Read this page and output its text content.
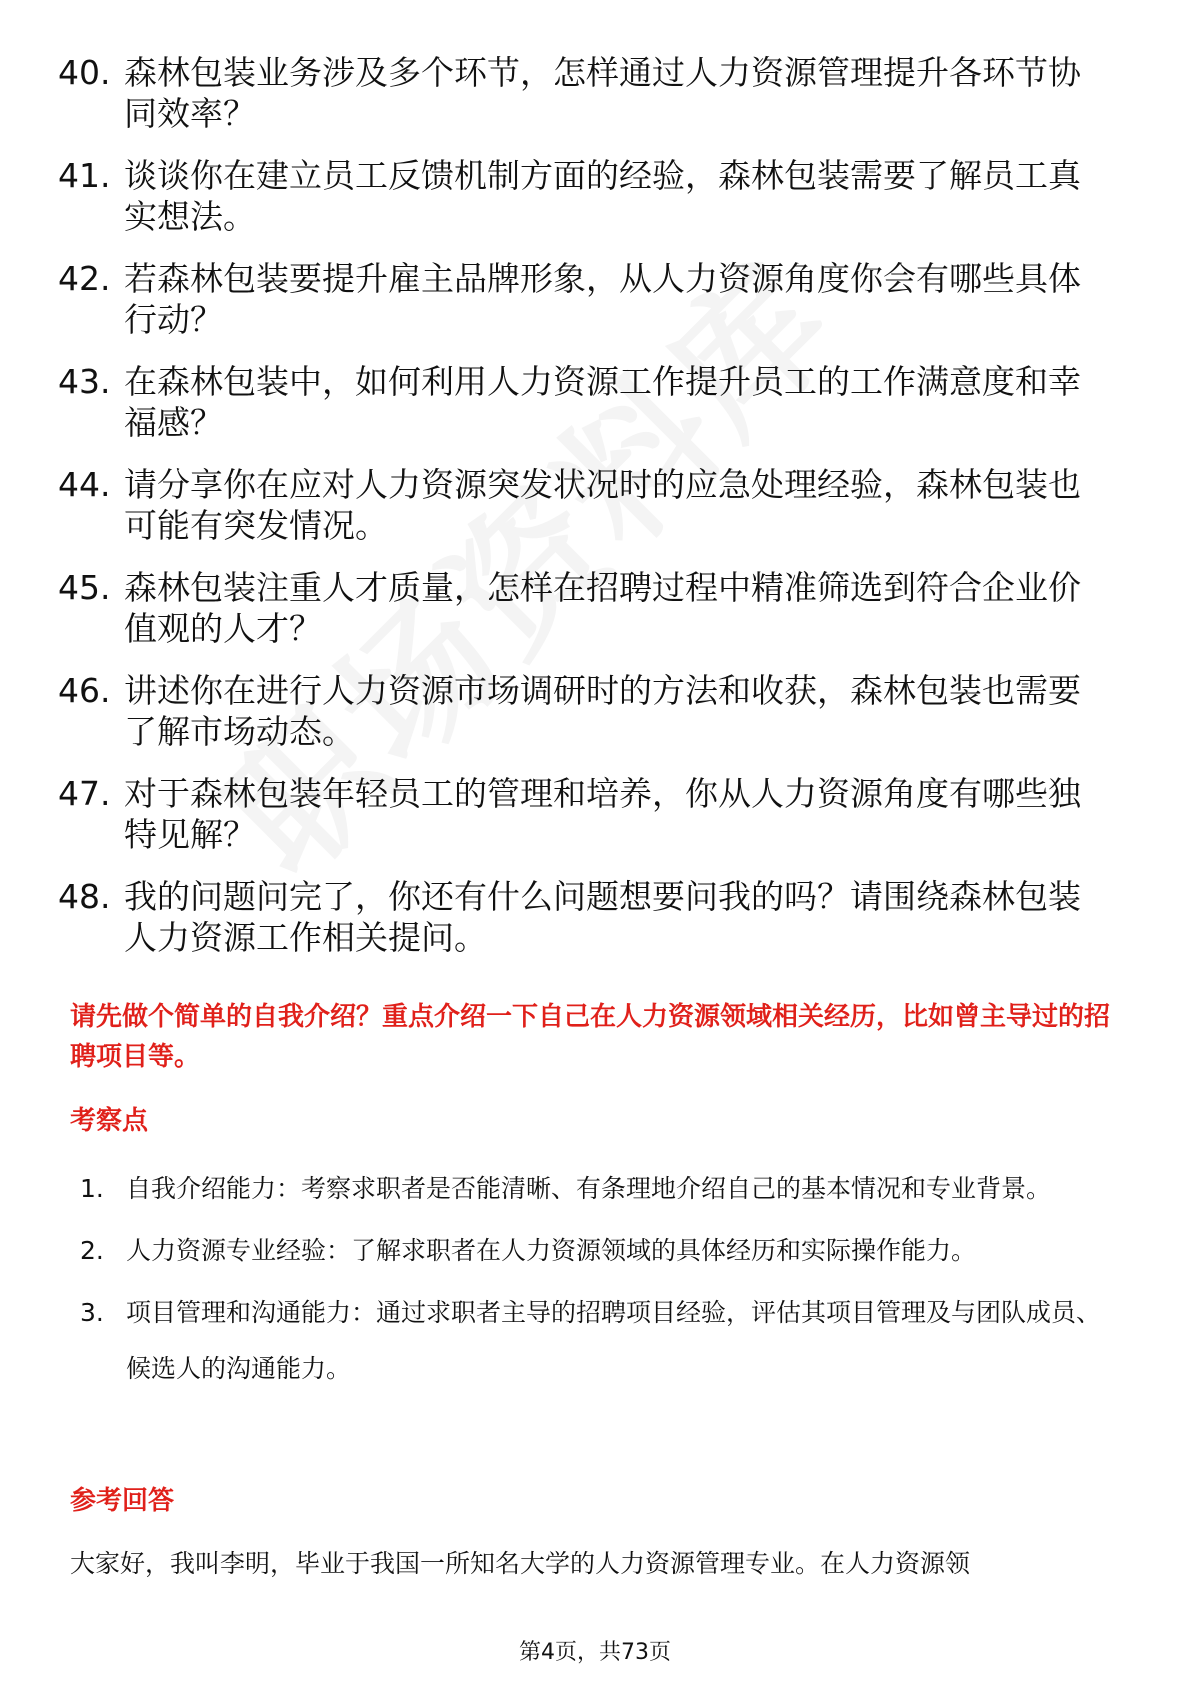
40. 森林包装业务涉及多个环节，怎样通过人力资源管理提升各环节协同效率？
41. 谈谈你在建立员工反馈机制方面的经验，森林包装需要了解员工真实想法。
42. 若森林包装要提升雇主品牌形象，从人力资源角度你会有哪些具体行动？
43. 在森林包装中，如何利用人力资源工作提升员工的工作满意度和幸福感？
44. 请分享你在应对人力资源突发状况时的应急处理经验，森林包装也可能有突发情况。
45. 森林包装注重人才质量，怎样在招聘过程中精准筛选到符合企业价值观的人才？
46. 讲述你在进行人力资源市场调研时的方法和收获，森林包装也需要了解市场动态。
47. 对于森林包装年轻员工的管理和培养，你从人力资源角度有哪些独特见解？
48. 我的问题问完了，你还有什么问题想要问我的吗？请围绕森林包装人力资源工作相关提问。
请先做个简单的自我介绍？重点介绍一下自己在人力资源领域相关经历，比如曾主导过的招聘项目等。
考察点
1. 自我介绍能力：考察求职者是否能清晰、有条理地介绍自己的基本情况和专业背景。
2. 人力资源专业经验：了解求职者在人力资源领域的具体经历和实际操作能力。
3. 项目管理和沟通能力：通过求职者主导的招聘项目经验，评估其项目管理及与团队成员、候选人的沟通能力。
参考回答
大家好，我叫李明，毕业于我国一所知名大学的人力资源管理专业。在人力资源领
第4页，共73页
